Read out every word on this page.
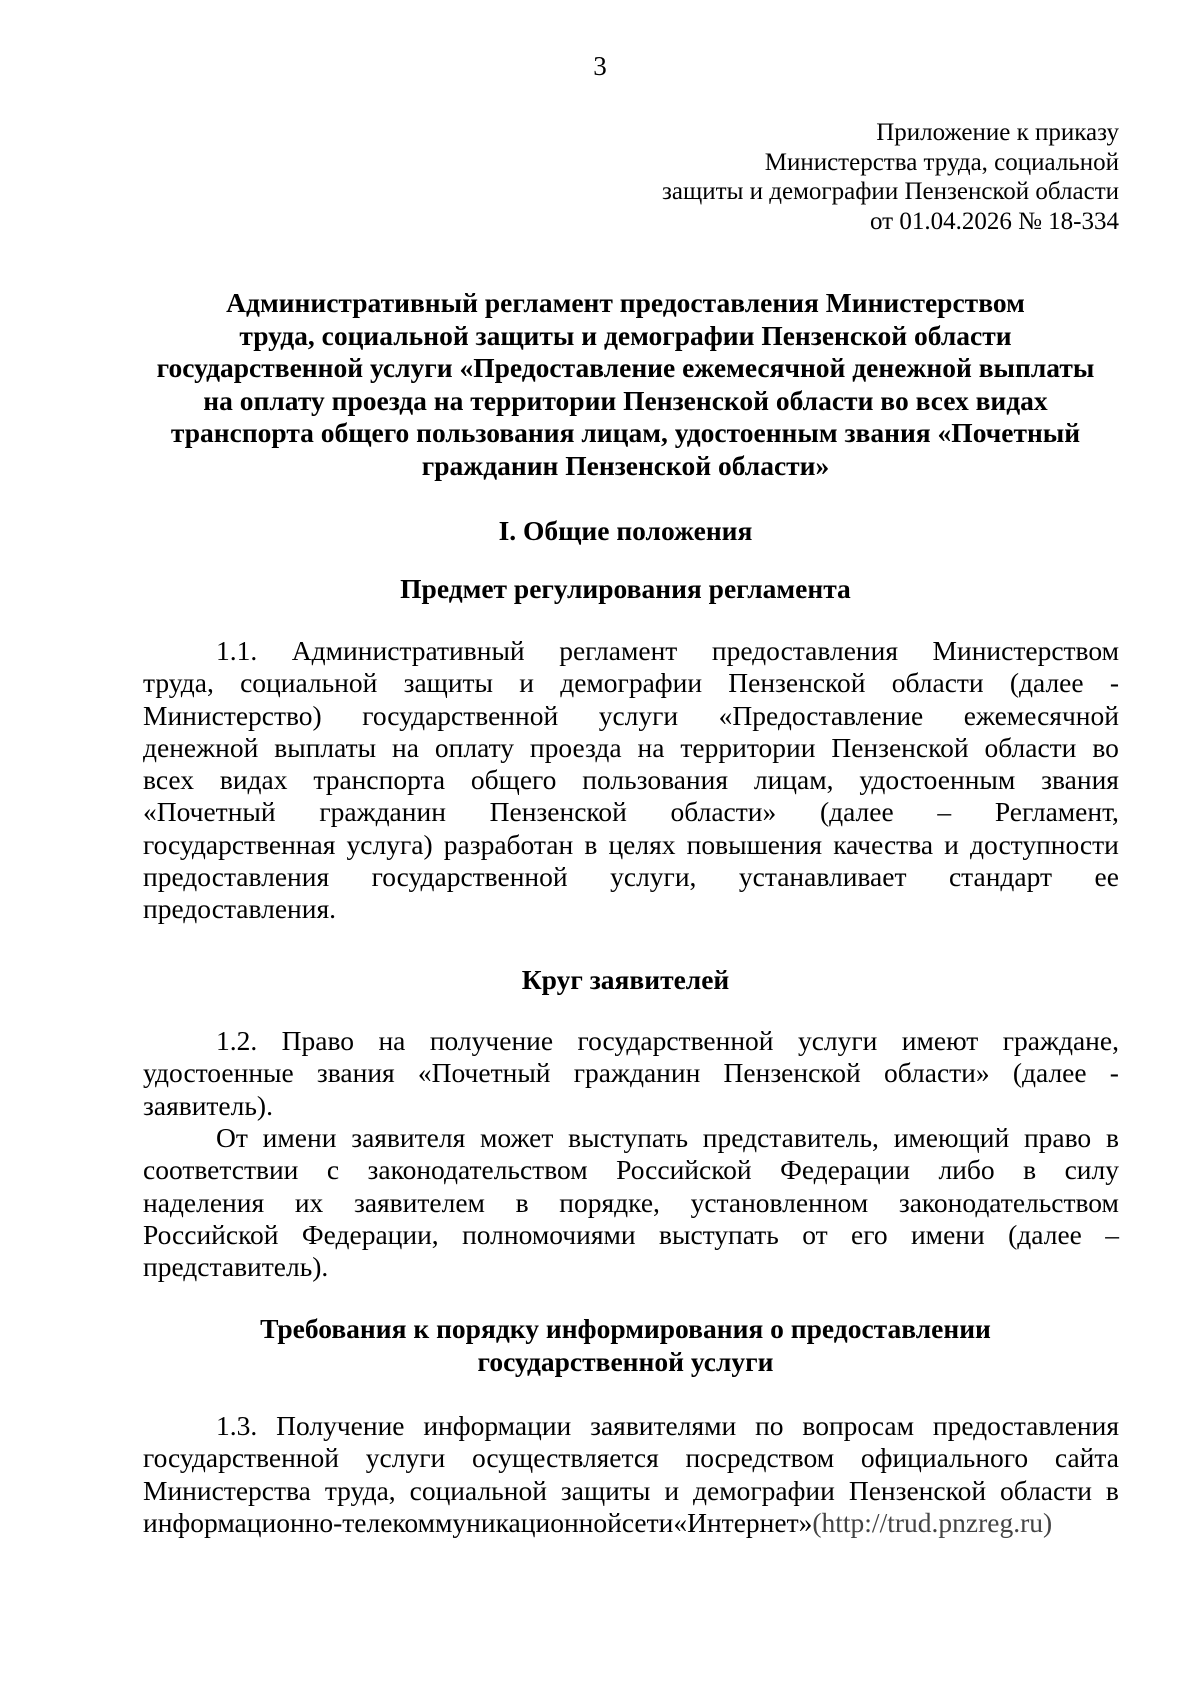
3
Приложение к приказу
Министерства труда, социальной
защиты и демографии Пензенской области
от 01.04.2026 № 18-334
Административный регламент предоставления Министерством
труда, социальной защиты и демографии Пензенской области
государственной услуги «Предоставление ежемесячной денежной выплаты
на оплату проезда на территории Пензенской области во всех видах
транспорта общего пользования лицам, удостоенным звания «Почетный
гражданин Пензенской области»
I. Общие положения
Предмет регулирования регламента
1.1. Административный регламент предоставления Министерством
труда, социальной защиты и демографии Пензенской области (далее -
Министерство) государственной услуги «Предоставление ежемесячной
денежной выплаты на оплату проезда на территории Пензенской области во
всех видах транспорта общего пользования лицам, удостоенным звания
«Почетный гражданин Пензенской области» (далее – Регламент,
государственная услуга) разработан в целях повышения качества и доступности
предоставления государственной услуги, устанавливает стандарт ее
предоставления.
Круг заявителей
1.2. Право на получение государственной услуги имеют граждане,
удостоенные звания «Почетный гражданин Пензенской области» (далее -
заявитель).
От имени заявителя может выступать представитель, имеющий право в
соответствии с законодательством Российской Федерации либо в силу
наделения их заявителем в порядке, установленном законодательством
Российской Федерации, полномочиями выступать от его имени (далее –
представитель).
Требования к порядку информирования о предоставлении
государственной услуги
1.3. Получение информации заявителями по вопросам предоставления
государственной услуги осуществляется посредством официального сайта
Министерства труда, социальной защиты и демографии Пензенской области в
информационно-телекоммуникационной сети «Интернет» (http://trud.pnzreg.ru)
